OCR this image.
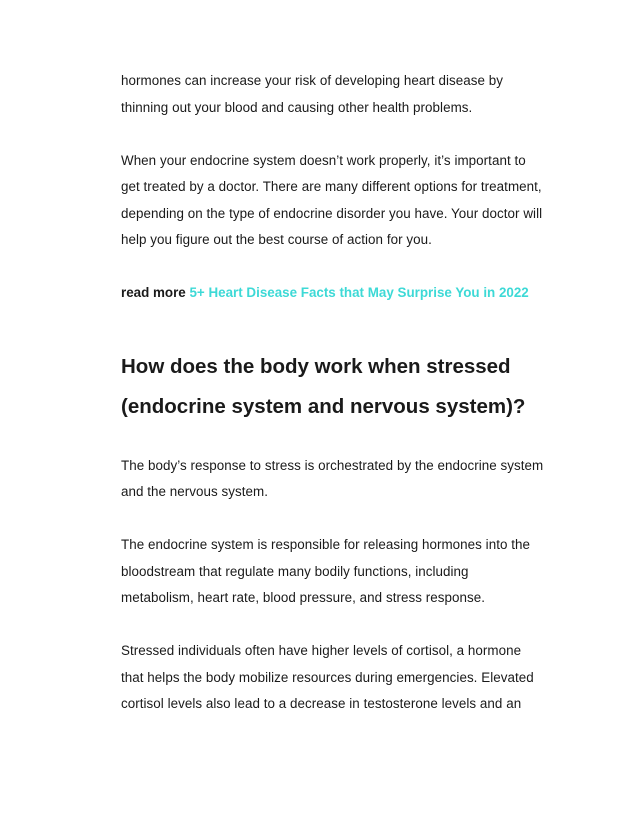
hormones can increase your risk of developing heart disease by
thinning out your blood and causing other health problems.
When your endocrine system doesn’t work properly, it’s important to
get treated by a doctor. There are many different options for treatment,
depending on the type of endocrine disorder you have. Your doctor will
help you figure out the best course of action for you.
read more 5+ Heart Disease Facts that May Surprise You in 2022
How does the body work when stressed
(endocrine system and nervous system)?
The body’s response to stress is orchestrated by the endocrine system
and the nervous system.
The endocrine system is responsible for releasing hormones into the
bloodstream that regulate many bodily functions, including
metabolism, heart rate, blood pressure, and stress response.
Stressed individuals often have higher levels of cortisol, a hormone
that helps the body mobilize resources during emergencies. Elevated
cortisol levels also lead to a decrease in testosterone levels and an
